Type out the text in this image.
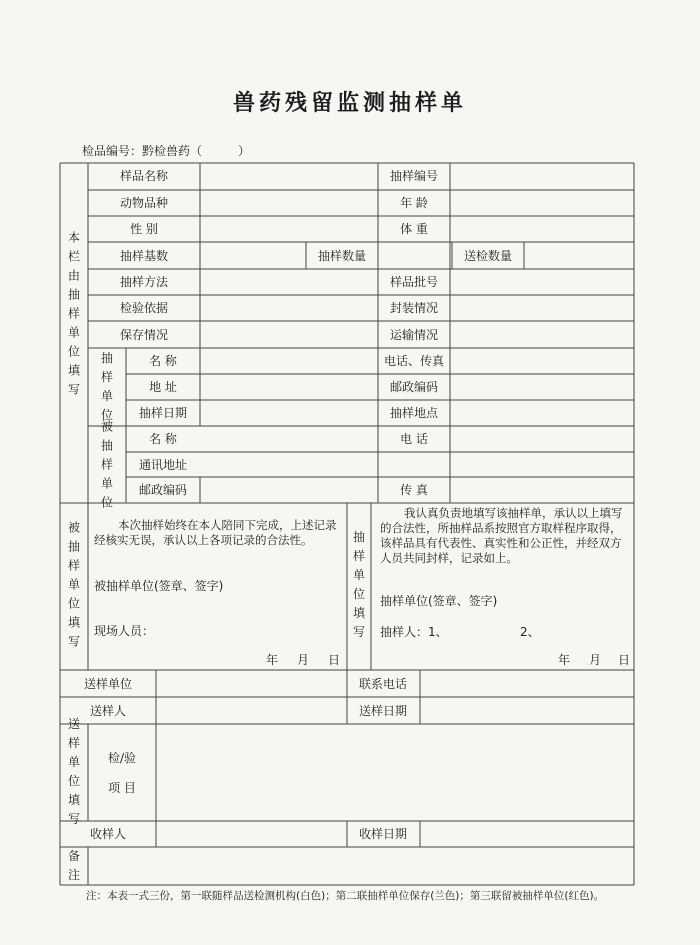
兽药残留监测抽样单
检品编号：黔检兽药（　　　）
本栏由抽样单位填写
样品名称	抽样编号
动物品种	年 龄
性 别	体 重
抽样基数	抽样数量	送检数量
抽样方法	样品批号
检验依据	封装情况
保存情况	运输情况
抽样单位
名 称	电话、传真
地 址	邮政编码
抽样日期	抽样地点
被抽样单位
名 称	电 话
通讯地址
邮政编码	传 真
被抽样单位填写
本次抽样始终在本人陪同下完成，上述记录经核实无误，承认以上各项记录的合法性。
被抽样单位(签章、签字)
现场人员：
年 月 日
抽样单位填写
我认真负责地填写该抽样单，承认以上填写的合法性，所抽样品系按照官方取样程序取得，该样品具有代表性、真实性和公正性，并经双方人员共同封样，记录如上。
抽样单位(签章、签字)
抽样人：1、	2、
年 月 日
送样单位	联系电话
送样人	送样日期
送样单位填写
检/验
项 目
收样人	收样日期
备注
注：本表一式三份，第一联随样品送检测机构(白色)；第二联抽样单位保存(兰色)；第三联留被抽样单位(红色)。
